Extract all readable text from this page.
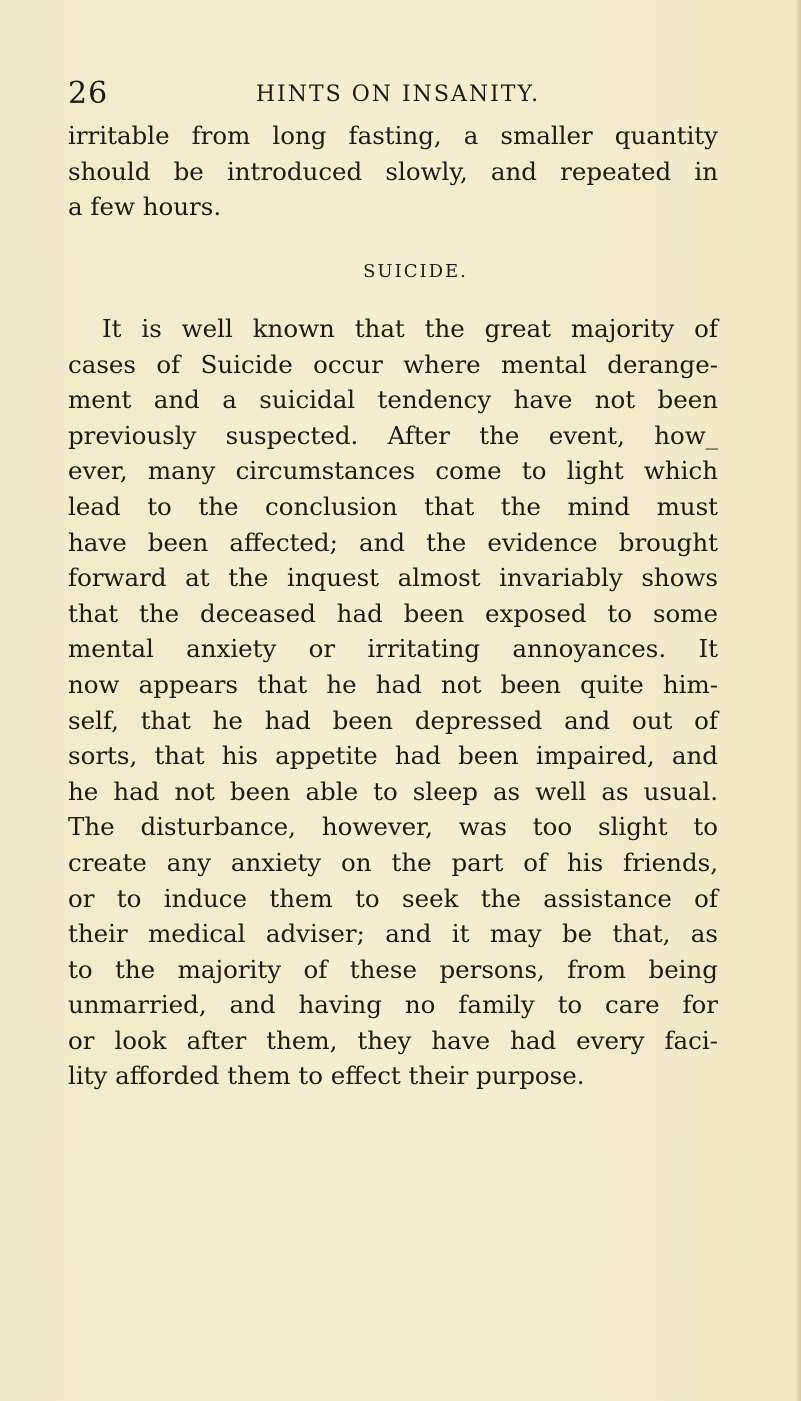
26	HINTS ON INSANITY.
irritable from long fasting, a smaller quantity
should be introduced slowly, and repeated in
a few hours.
SUICIDE.
It is well known that the great majority of
cases of Suicide occur where mental derange-
ment and a suicidal tendency have not been
previously suspected. After the event, how_
ever, many circumstances come to light which
lead to the conclusion that the mind must
have been affected; and the evidence brought
forward at the inquest almost invariably shows
that the deceased had been exposed to some
mental anxiety or irritating annoyances. It
now appears that he had not been quite him-
self, that he had been depressed and out of
sorts, that his appetite had been impaired, and
he had not been able to sleep as well as usual.
The disturbance, however, was too slight to
create any anxiety on the part of his friends,
or to induce them to seek the assistance of
their medical adviser; and it may be that, as
to the majority of these persons, from being
unmarried, and having no family to care for
or look after them, they have had every faci-
lity afforded them to effect their purpose.
